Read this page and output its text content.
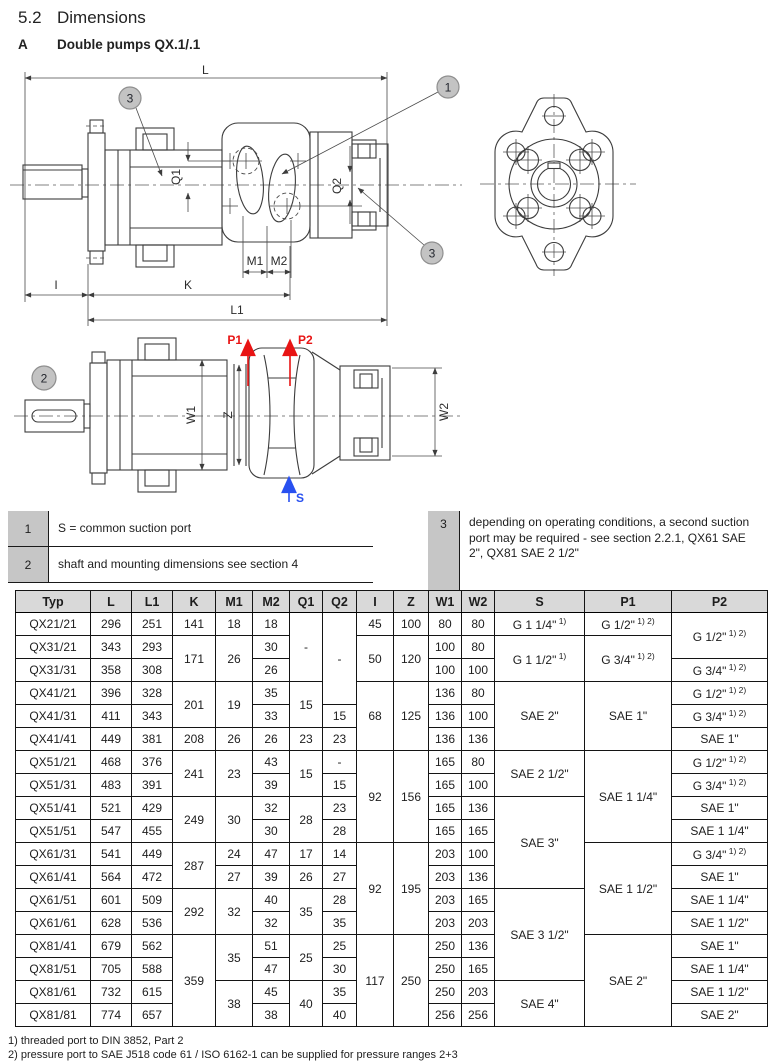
5.2 Dimensions
A	Double pumps QX.1/.1
L
Q1
Q2
M1 M2
I	K
L1
3
1
3
W1 Z	W2
P1	P2
S
2
1	S = common suction port
2	shaft and mounting dimensions see section 4
3	depending on operating conditions, a second suction port may be required - see section 2.2.1, QX61 SAE 2", QX81 SAE 2 1/2"
Typ	L	L1	K	M1	M2	Q1	Q2	I	Z	W1	W2	S	P1	P2
QX21/21	296	251	141	18	18	-	-	45	100	80	80	G 1 1/4" $^{1)}$	G 1/2" $^{1) 2)}$	G 1/2" $^{1) 2)}$
QX31/21	343	293	171	26	30			50	120	100	80	G 1 1/2" $^{1)}$	G 3/4" $^{1) 2)}$
QX31/31	358	308			26					100	100			G 3/4" $^{1) 2)}$
QX41/21	396	328	201	19	35	15		68	125	136	80	SAE 2"	SAE 1"	G 1/2" $^{1) 2)}$
QX41/31	411	343			33		15			136	100			G 3/4" $^{1) 2)}$
QX41/41	449	381	208	26	26	23	23			136	136			SAE 1"
QX51/21	468	376	241	23	43	15	-	92	156	165	80	SAE 2 1/2"	SAE 1 1/4"	G 1/2" $^{1) 2)}$
QX51/31	483	391			39		15			165	100			G 3/4" $^{1) 2)}$
QX51/41	521	429	249	30	32	28	23			165	136	SAE 3"		SAE 1"
QX51/51	547	455			30		28			165	165			SAE 1 1/4"
QX61/31	541	449	287	24	47	17	14	92	195	203	100		SAE 1 1/2"	G 3/4" $^{1) 2)}$
QX61/41	564	472		27	39	26	27			203	136			SAE 1"
QX61/51	601	509	292	32	40	35	28			203	165	SAE 3 1/2"		SAE 1 1/4"
QX61/61	628	536			32		35			203	203			SAE 1 1/2"
QX81/41	679	562	359	35	51	25	25	117	250	250	136		SAE 2"	SAE 1"
QX81/51	705	588			47		30			250	165			SAE 1 1/4"
QX81/61	732	615		38	45	40	35			250	203	SAE 4"		SAE 1 1/2"
QX81/81	774	657			38		40			256	256			SAE 2"
1) threaded port to DIN 3852, Part 2
2) pressure port to SAE J518 code 61 / ISO 6162-1 can be supplied for pressure ranges 2+3
